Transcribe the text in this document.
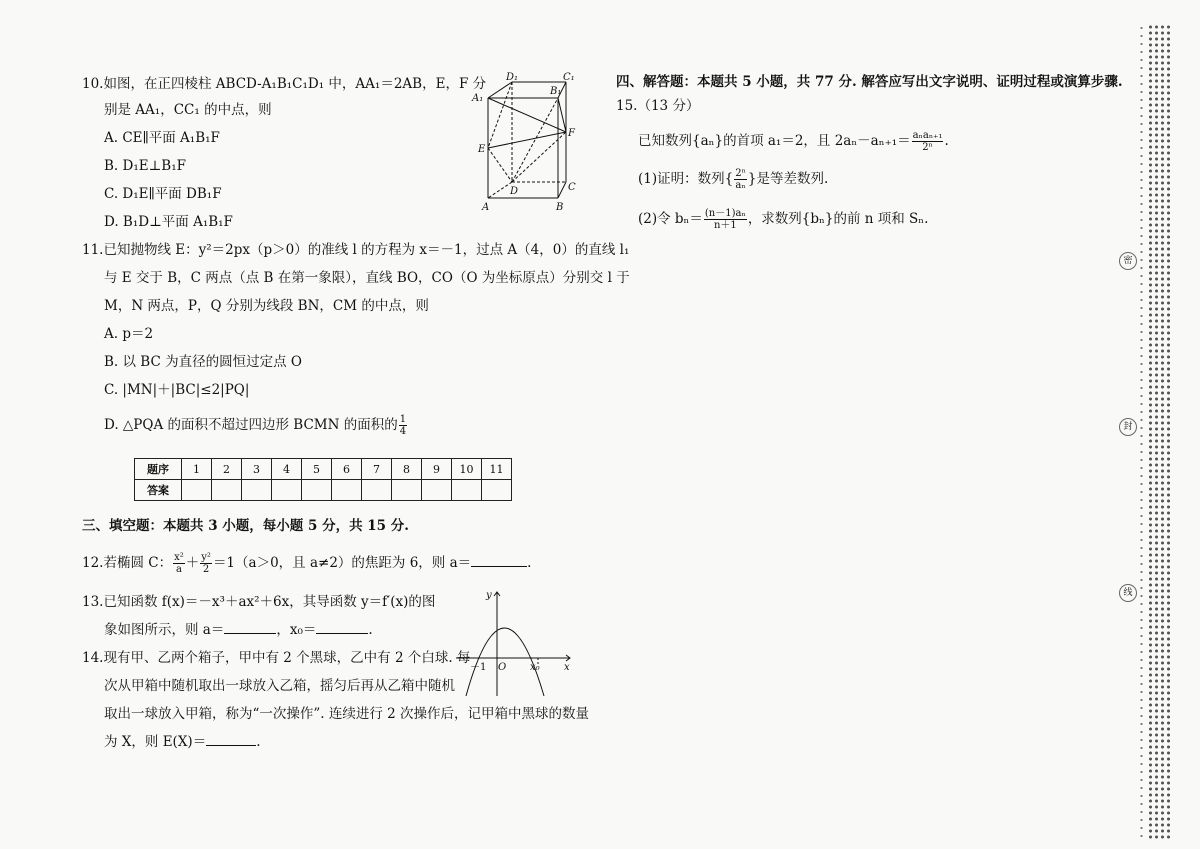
10.如图，在正四棱柱 ABCD-A₁B₁C₁D₁ 中，AA₁＝2AB，E，F 分
别是 AA₁，CC₁ 的中点，则
A. CE∥平面 A₁B₁F
B. D₁E⊥B₁F
C. D₁E∥平面 DB₁F
D. B₁D⊥平面 A₁B₁F
D₁	C₁
A₁
B₁
E
F
D	C
A	B
11.已知抛物线 E：y²＝2px（p＞0）的准线 l 的方程为 x＝－1，过点 A（4，0）的直线 l₁
与 E 交于 B，C 两点（点 B 在第一象限），直线 BO，CO（O 为坐标原点）分别交 l 于
M，N 两点，P，Q 分别为线段 BN，CM 的中点，则
A. p＝2
B. 以 BC 为直径的圆恒过定点 O
C. |MN|＋|BC|≤2|PQ|
D. △PQA 的面积不超过四边形 BCMN 的面积的 $\frac{1}{4}$
题序	1	2	3	4	5	6	7	8	9	10	11
答案											
三、填空题：本题共 3 小题，每小题 5 分，共 15 分.
12.若椭圆 C： $\frac{\text{x²}}{a} + \frac{\text{y²}}{2} =1(a>0$，且 a≠2）的焦距为 6，则 a＝	.
13.已知函数 f(x)＝－x³＋ax²＋6x，其导函数 y＝f′(x)的图
象如图所示，则 a＝	，x₀＝	.
y
x
－1 O x₀
14.现有甲、乙两个箱子，甲中有 2 个黑球，乙中有 2 个白球. 每
次从甲箱中随机取出一球放入乙箱，摇匀后再从乙箱中随机
取出一球放入甲箱，称为“一次操作”. 连续进行 2 次操作后，记甲箱中黑球的数量
为 X，则 E(X)＝	.
四、解答题：本题共 5 小题，共 77 分. 解答应写出文字说明、证明过程或演算步骤.
15.（13 分）
已知数列{aₙ}的首项 a₁＝2，且 $2a_n-a_{n+1}= \frac{\text{aₙaₙ₊₁}}{\text{2ⁿ}}$ .
(1)证明：数列{ $\frac{\text{2ⁿ}}{\text{aₙ}}$ }是等差数列.
(2)令 $b_n= \frac{\text{(n－1)aₙ}}{n+1}$ ，求数列{bₙ}的前 n 项和 Sₙ.
密
封
线
